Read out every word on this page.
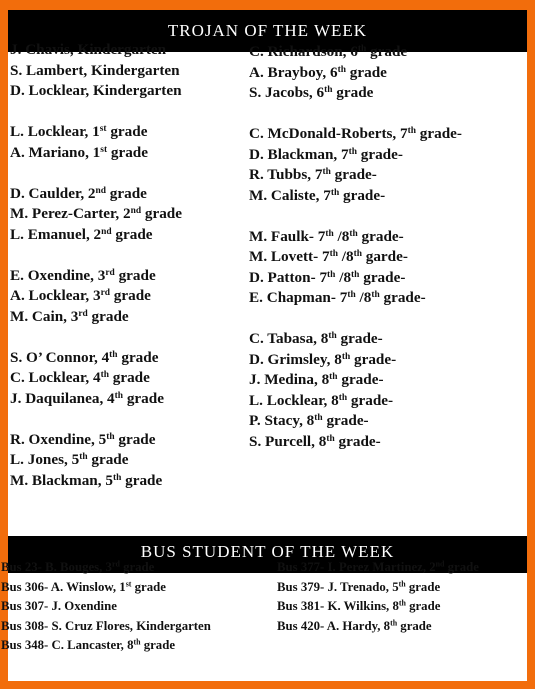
TROJAN OF THE WEEK
BUS STUDENT OF THE WEEK
J. Chavis, Kindergarten
S. Lambert, Kindergarten
D. Locklear, Kindergarten
L. Locklear, 1st grade
A. Mariano, 1st grade
D. Caulder, 2nd grade
M. Perez-Carter, 2nd grade
L. Emanuel, 2nd grade
E. Oxendine, 3rd grade
A. Locklear, 3rd grade
M. Cain, 3rd grade
S. O’ Connor, 4th grade
C. Locklear, 4th grade
J. Daquilanea, 4th grade
R. Oxendine, 5th grade
L. Jones, 5th grade
M. Blackman, 5th grade
C. Richardson, 6th grade
A. Brayboy, 6th grade
S. Jacobs, 6th grade
C. McDonald-Roberts, 7th grade-
D. Blackman, 7th grade-
R. Tubbs, 7th grade-
M. Caliste, 7th grade-
M. Faulk- 7th /8th grade-
M. Lovett- 7th /8th garde-
D. Patton- 7th /8th grade-
E. Chapman- 7th /8th grade-
C. Tabasa, 8th grade-
D. Grimsley, 8th grade-
J. Medina, 8th grade-
L. Locklear, 8th grade-
P. Stacy, 8th grade-
S. Purcell, 8th grade-
Bus 23- B. Bouges, 3rd grade
Bus 306- A. Winslow, 1st grade
Bus 307- J. Oxendine
Bus 308- S. Cruz Flores, Kindergarten
Bus 348- C. Lancaster, 8th grade
Bus 377- I. Perez Martinez, 2nd grade
Bus 379- J. Trenado, 5th grade
Bus 381- K. Wilkins, 8th grade
Bus 420- A. Hardy, 8th grade
